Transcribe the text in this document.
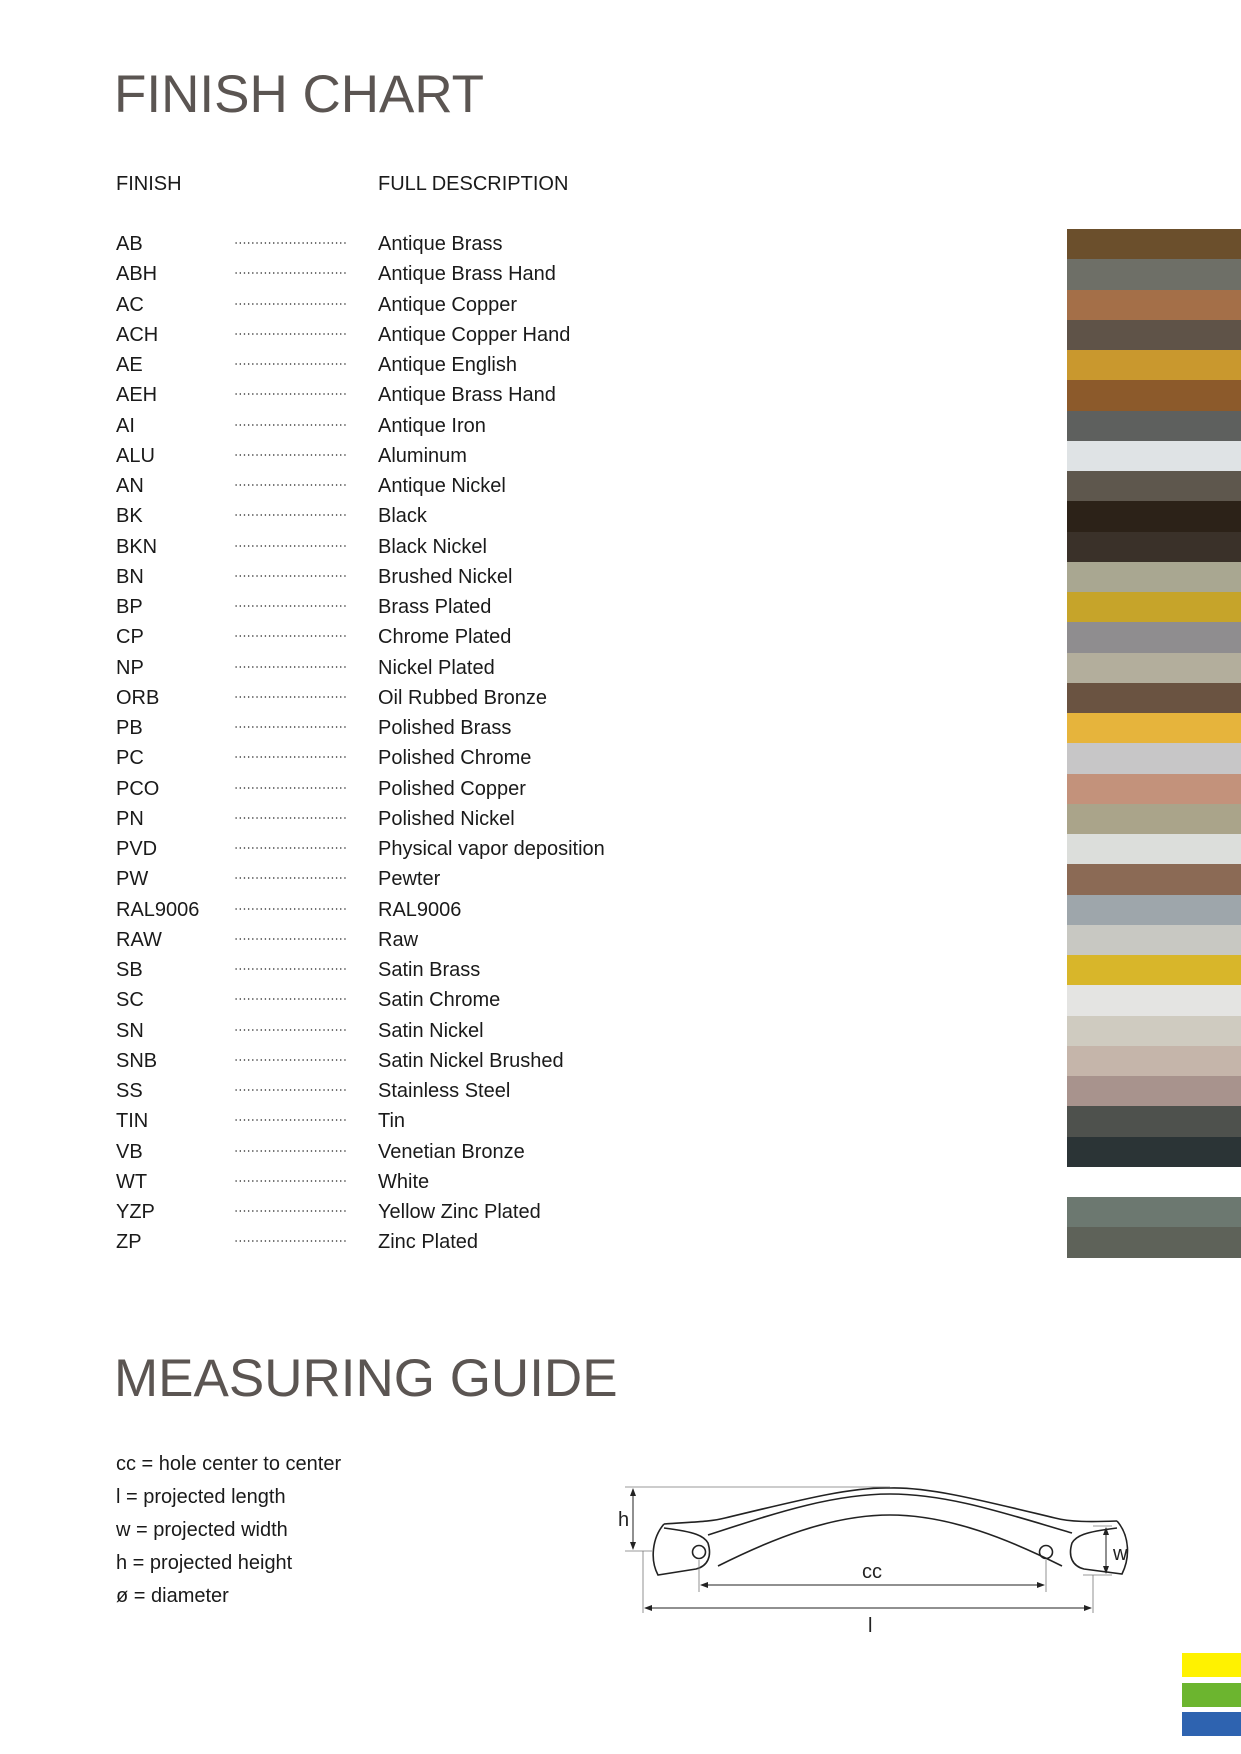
FINISH CHART
FINISH	FULL DESCRIPTION
AB	Antique Brass
ABH	Antique Brass Hand
AC	Antique Copper
ACH	Antique Copper Hand
AE	Antique English
AEH	Antique Brass Hand
AI	Antique Iron
ALU	Aluminum
AN	Antique Nickel
BK	Black
BKN	Black Nickel
BN	Brushed Nickel
BP	Brass Plated
CP	Chrome Plated
NP	Nickel Plated
ORB	Oil Rubbed Bronze
PB	Polished Brass
PC	Polished Chrome
PCO	Polished Copper
PN	Polished Nickel
PVD	Physical vapor deposition
PW	Pewter
RAL9006	RAL9006
RAW	Raw
SB	Satin Brass
SC	Satin Chrome
SN	Satin Nickel
SNB	Satin Nickel Brushed
SS	Stainless Steel
TIN	Tin
VB	Venetian Bronze
WT	White
YZP	Yellow Zinc Plated
ZP	Zinc Plated
MEASURING GUIDE
cc = hole center to center
l = projected length
w = projected width
h = projected height
ø = diameter
h
w
cc
l
